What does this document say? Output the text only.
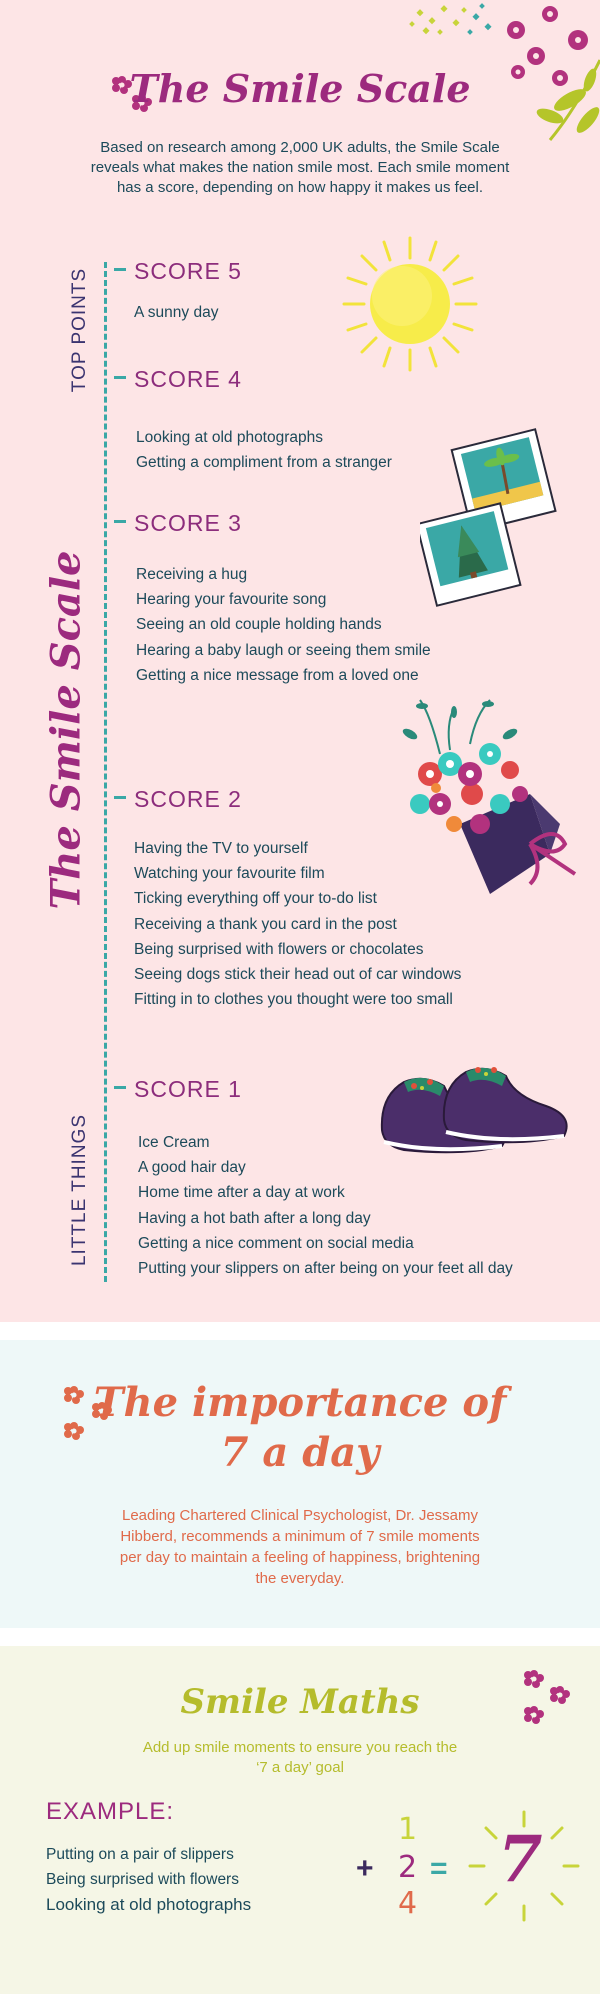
The Smile Scale
Based on research among 2,000 UK adults, the Smile Scale reveals what makes the nation smile most. Each smile moment has a score, depending on how happy it makes us feel.
The Smile Scale
TOP POINTS
LITTLE THINGS
SCORE 5
A sunny day
SCORE 4
Looking at old photographs
Getting a compliment from a stranger
SCORE 3
Receiving a hug
Hearing your favourite song
Seeing an old couple holding hands
Hearing a baby laugh or seeing them smile
Getting a nice message from a loved one
SCORE 2
Having the TV to yourself
Watching your favourite film
Ticking everything off your to-do list
Receiving a thank you card in the post
Being surprised with flowers or chocolates
Seeing dogs stick their head out of car windows
Fitting in to clothes you thought were too small
SCORE 1
Ice Cream
A good hair day
Home time after a day at work
Having a hot bath after a long day
Getting a nice comment on social media
Putting your slippers on after being on your feet all day
The importance of
7 a day
Leading Chartered Clinical Psychologist, Dr. Jessamy Hibberd, recommends a minimum of 7 smile moments per day to maintain a feeling of happiness, brightening the everyday.
Smile Maths
Add up smile moments to ensure you reach the ‘7 a day’ goal
EXAMPLE:
Putting on a pair of slippers
Being surprised with flowers
Looking at old photographs
1
+ 2
4
= 7
